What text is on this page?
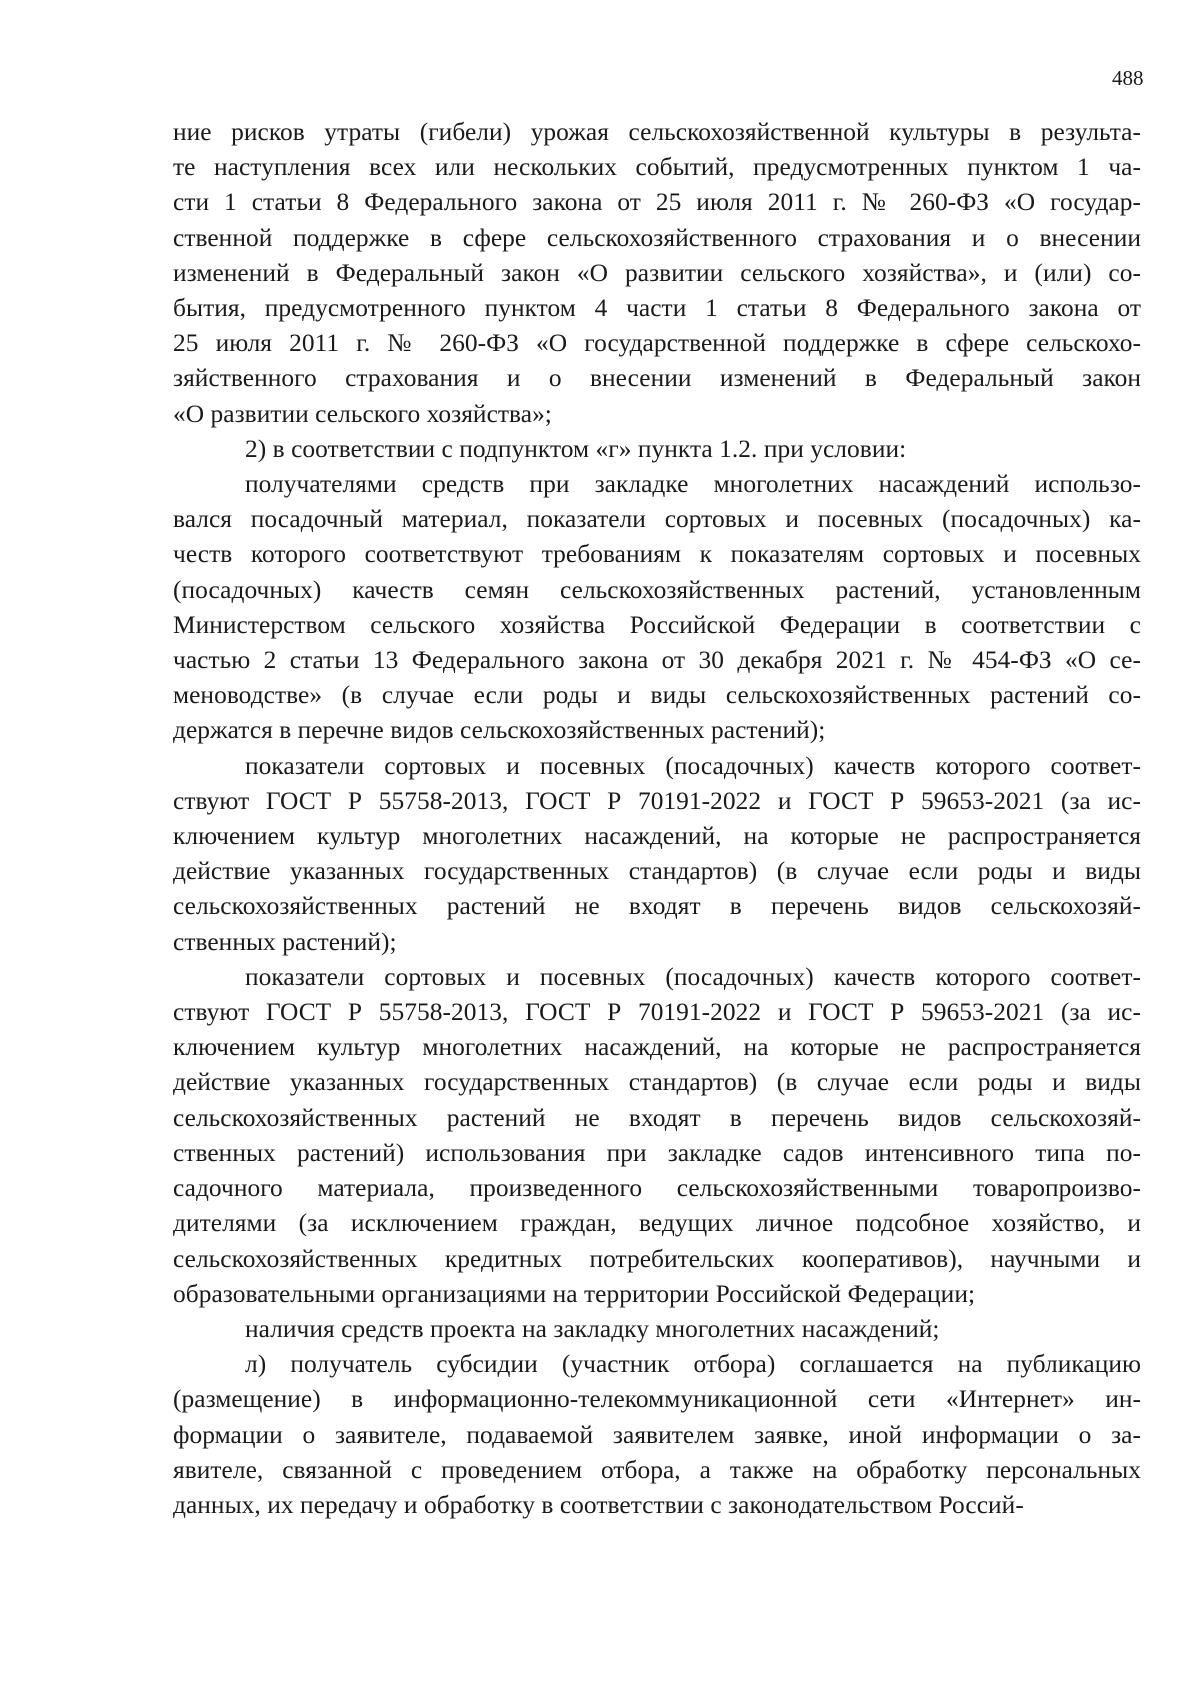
488
ние рисков утраты (гибели) урожая сельскохозяйственной культуры в результа-
те наступления всех или нескольких событий, предусмотренных пунктом 1 ча-
сти 1 статьи 8 Федерального закона от 25 июля 2011 г. № 260-ФЗ «О государ-
ственной поддержке в сфере сельскохозяйственного страхования и о внесении
изменений в Федеральный закон «О развитии сельского хозяйства», и (или) со-
бытия, предусмотренного пунктом 4 части 1 статьи 8 Федерального закона от
25 июля 2011 г. № 260-ФЗ «О государственной поддержке в сфере сельскохо-
зяйственного страхования и о внесении изменений в Федеральный закон
«О развитии сельского хозяйства»;
2) в соответствии с подпунктом «г» пункта 1.2. при условии:
получателями средств при закладке многолетних насаждений использо-
вался посадочный материал, показатели сортовых и посевных (посадочных) ка-
честв которого соответствуют требованиям к показателям сортовых и посевных
(посадочных) качеств семян сельскохозяйственных растений, установленным
Министерством сельского хозяйства Российской Федерации в соответствии с
частью 2 статьи 13 Федерального закона от 30 декабря 2021 г. № 454-ФЗ «О се-
меноводстве» (в случае если роды и виды сельскохозяйственных растений со-
держатся в перечне видов сельскохозяйственных растений);
показатели сортовых и посевных (посадочных) качеств которого соответ-
ствуют ГОСТ Р 55758-2013, ГОСТ Р 70191-2022 и ГОСТ Р 59653-2021 (за ис-
ключением культур многолетних насаждений, на которые не распространяется
действие указанных государственных стандартов) (в случае если роды и виды
сельскохозяйственных растений не входят в перечень видов сельскохозяй-
ственных растений);
показатели сортовых и посевных (посадочных) качеств которого соответ-
ствуют ГОСТ Р 55758-2013, ГОСТ Р 70191-2022 и ГОСТ Р 59653-2021 (за ис-
ключением культур многолетних насаждений, на которые не распространяется
действие указанных государственных стандартов) (в случае если роды и виды
сельскохозяйственных растений не входят в перечень видов сельскохозяй-
ственных растений) использования при закладке садов интенсивного типа по-
садочного материала, произведенного сельскохозяйственными товаропроизво-
дителями (за исключением граждан, ведущих личное подсобное хозяйство, и
сельскохозяйственных кредитных потребительских кооперативов), научными и
образовательными организациями на территории Российской Федерации;
наличия средств проекта на закладку многолетних насаждений;
л) получатель субсидии (участник отбора) соглашается на публикацию
(размещение) в информационно-телекоммуникационной сети «Интернет» ин-
формации о заявителе, подаваемой заявителем заявке, иной информации о за-
явителе, связанной с проведением отбора, а также на обработку персональных
данных, их передачу и обработку в соответствии с законодательством Россий-
